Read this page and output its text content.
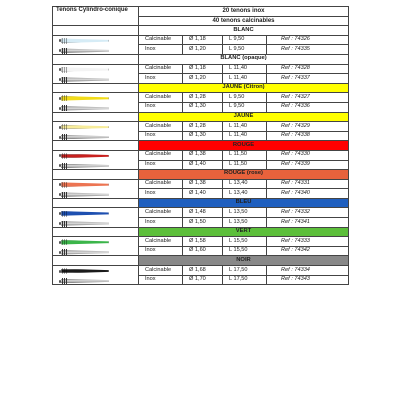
Tenons Cylindro-conique	20 tenons inox			
	40 tenons calcinables			
	BLANC			

	Calcinable	Ø 1,18	L 9,50	Ref : 74326
	Inox	Ø 1,20	L 9,50	Ref : 74335
	BLANC (opaque)			

	Calcinable	Ø 1,18	L 11,40	Ref : 74328
	Inox	Ø 1,20	L 11,40	Ref : 74337
	JAUNE (Citron)			

	Calcinable	Ø 1,28	L 9,50	Ref : 74327
	Inox	Ø 1,30	L 9,50	Ref : 74336
	JAUNE			

	Calcinable	Ø 1,28	L 11,40	Ref : 74329
	Inox	Ø 1,30	L 11,40	Ref : 74338
	ROUGE			

	Calcinable	Ø 1,38	L 11,50	Ref : 74330
	Inox	Ø 1,40	L 11,50	Ref : 74339
	ROUGE (rose)			

	Calcinable	Ø 1,38	L 13,40	Ref : 74331
	Inox	Ø 1,40	L 13,40	Ref : 74340
	BLEU			

	Calcinable	Ø 1,48	L 13,50	Ref : 74332
	Inox	Ø 1,50	L 13,50	Ref : 74341
	VERT			

	Calcinable	Ø 1,58	L 15,50	Ref : 74333
	Inox	Ø 1,60	L 15,50	Ref : 74342
	NOIR			

	Calcinable	Ø 1,68	L 17,50	Ref : 74334
	Inox	Ø 1,70	L 17,50	Ref : 74343
